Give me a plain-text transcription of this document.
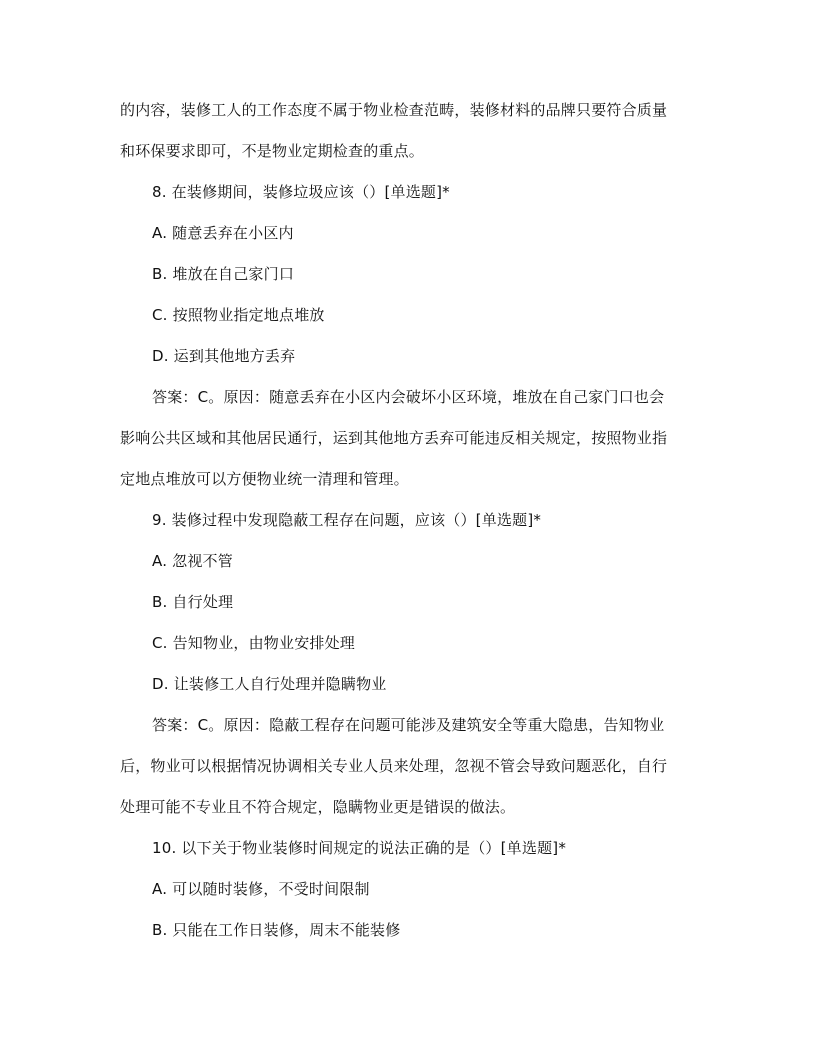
的内容，装修工人的工作态度不属于物业检查范畴，装修材料的品牌只要符合质量
和环保要求即可，不是物业定期检查的重点。
8. 在装修期间，装修垃圾应该（）[单选题]*
A. 随意丢弃在小区内
B. 堆放在自己家门口
C. 按照物业指定地点堆放
D. 运到其他地方丢弃
答案：C。原因：随意丢弃在小区内会破坏小区环境，堆放在自己家门口也会
影响公共区域和其他居民通行，运到其他地方丢弃可能违反相关规定，按照物业指
定地点堆放可以方便物业统一清理和管理。
9. 装修过程中发现隐蔽工程存在问题，应该（）[单选题]*
A. 忽视不管
B. 自行处理
C. 告知物业，由物业安排处理
D. 让装修工人自行处理并隐瞒物业
答案：C。原因：隐蔽工程存在问题可能涉及建筑安全等重大隐患，告知物业
后，物业可以根据情况协调相关专业人员来处理，忽视不管会导致问题恶化，自行
处理可能不专业且不符合规定，隐瞒物业更是错误的做法。
10. 以下关于物业装修时间规定的说法正确的是（）[单选题]*
A. 可以随时装修，不受时间限制
B. 只能在工作日装修，周末不能装修
